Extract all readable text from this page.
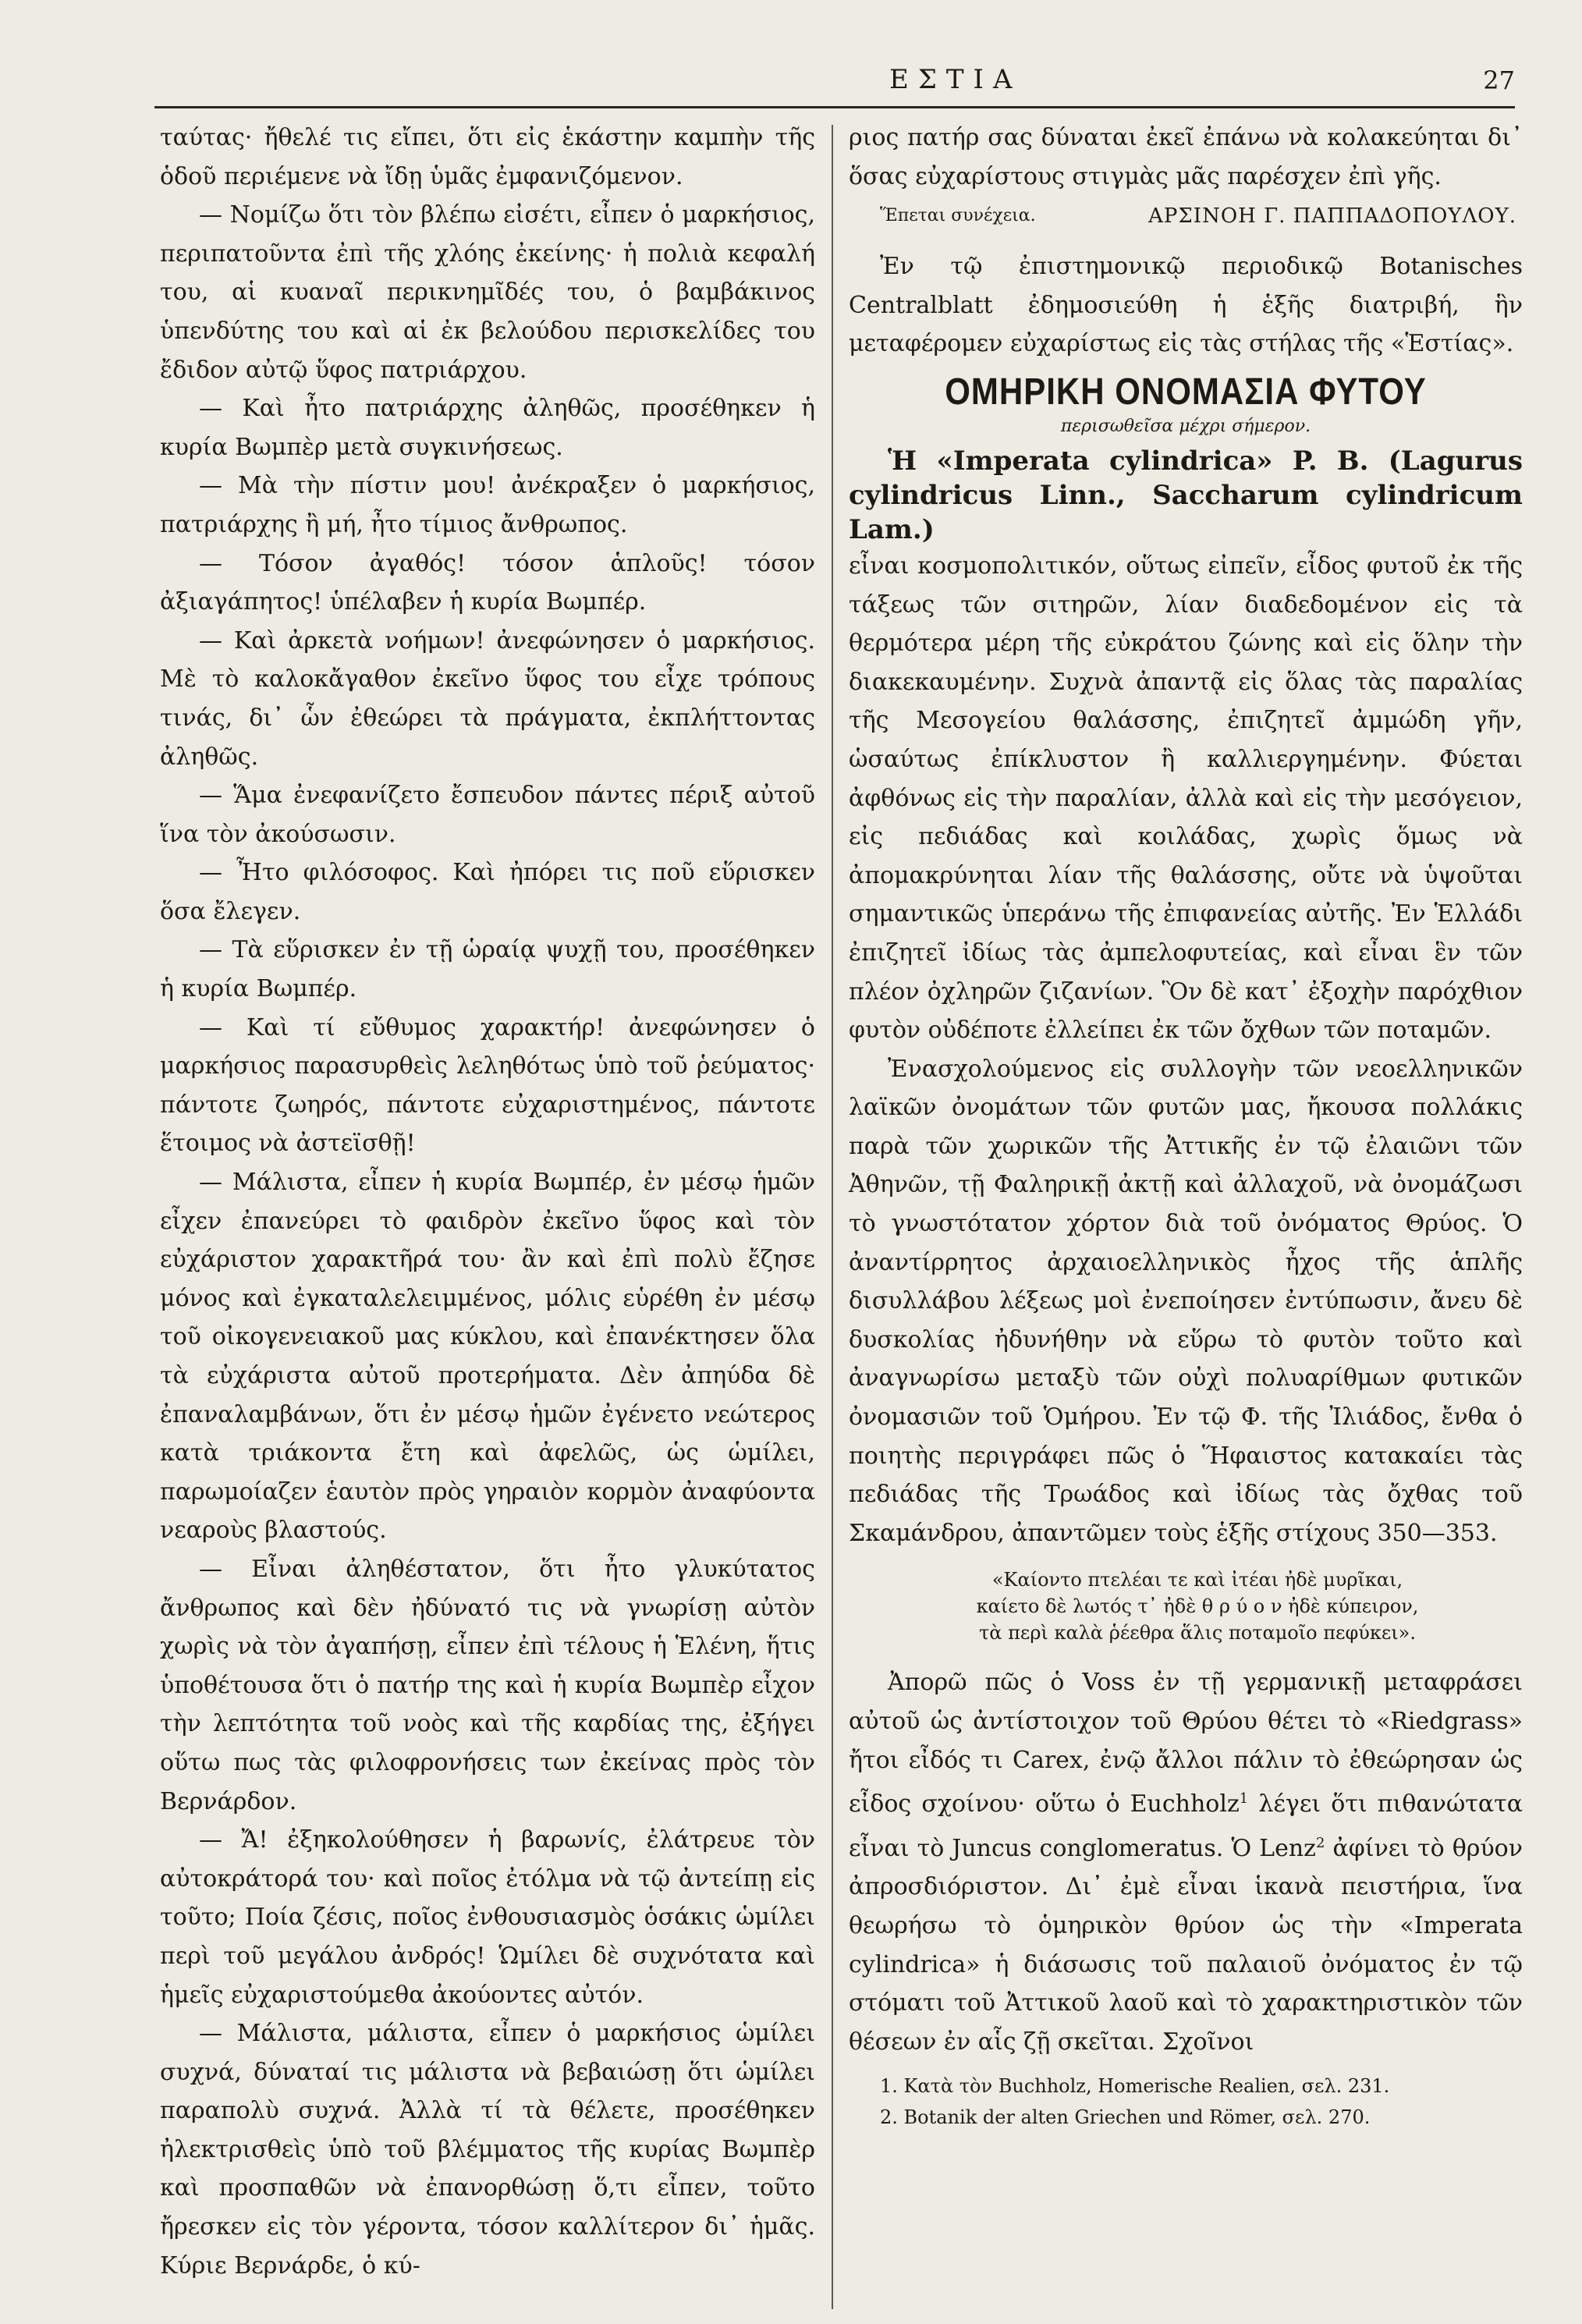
ΕΣΤΙΑ	27

ταύτας· ἤθελέ τις εἴπει, ὅτι εἰς ἑκάστην καμπὴν τῆς ὁδοῦ περιέμενε νὰ ἴδῃ ὑμᾶς ἐμφανιζόμενον.

— Νομίζω ὅτι τὸν βλέπω εἰσέτι, εἶπεν ὁ μαρκήσιος, περιπατοῦντα ἐπὶ τῆς χλόης ἐκείνης· ἡ πολιὰ κεφαλή του, αἱ κυαναῖ περικνημῖδές του, ὁ βαμβάκινος ὑπενδύτης του καὶ αἱ ἐκ βελούδου περισκελίδες του ἔδιδον αὐτῷ ὕφος πατριάρχου.

— Καὶ ἦτο πατριάρχης ἀληθῶς, προσέθηκεν ἡ κυρία Βωμπὲρ μετὰ συγκινήσεως.

— Μὰ τὴν πίστιν μου! ἀνέκραξεν ὁ μαρκήσιος, πατριάρχης ἢ μή, ἦτο τίμιος ἄνθρωπος.

— Τόσον ἀγαθός! τόσον ἁπλοῦς! τόσον ἀξιαγάπητος! ὑπέλαβεν ἡ κυρία Βωμπέρ.

— Καὶ ἀρκετὰ νοήμων! ἀνεφώνησεν ὁ μαρκήσιος. Μὲ τὸ καλοκἄγαθον ἐκεῖνο ὕφος του εἶχε τρόπους τινάς, δι᾽ ὧν ἐθεώρει τὰ πράγματα, ἐκπλήττοντας ἀληθῶς.

— Ἅμα ἐνεφανίζετο ἔσπευδον πάντες πέριξ αὐτοῦ ἵνα τὸν ἀκούσωσιν.

— Ἦτο φιλόσοφος. Καὶ ἠπόρει τις ποῦ εὕρισκεν ὅσα ἔλεγεν.

— Τὰ εὕρισκεν ἐν τῇ ὡραίᾳ ψυχῇ του, προσέθηκεν ἡ κυρία Βωμπέρ.

— Καὶ τί εὔθυμος χαρακτήρ! ἀνεφώνησεν ὁ μαρκήσιος παρασυρθεὶς λεληθότως ὑπὸ τοῦ ῥεύματος· πάντοτε ζωηρός, πάντοτε εὐχαριστημένος, πάντοτε ἕτοιμος νὰ ἀστεϊσθῇ!

— Μάλιστα, εἶπεν ἡ κυρία Βωμπέρ, ἐν μέσῳ ἡμῶν εἶχεν ἐπανεύρει τὸ φαιδρὸν ἐκεῖνο ὕφος καὶ τὸν εὐχάριστον χαρακτῆρά του· ἂν καὶ ἐπὶ πολὺ ἔζησε μόνος καὶ ἐγκαταλελειμμένος, μόλις εὑρέθη ἐν μέσῳ τοῦ οἰκογενειακοῦ μας κύκλου, καὶ ἐπανέκτησεν ὅλα τὰ εὐχάριστα αὐτοῦ προτερήματα. Δὲν ἀπηύδα δὲ ἐπαναλαμβάνων, ὅτι ἐν μέσῳ ἡμῶν ἐγένετο νεώτερος κατὰ τριάκοντα ἔτη καὶ ἀφελῶς, ὡς ὡμίλει, παρωμοίαζεν ἑαυτὸν πρὸς γηραιὸν κορμὸν ἀναφύοντα νεαροὺς βλαστούς.

— Εἶναι ἀληθέστατον, ὅτι ἦτο γλυκύτατος ἄνθρωπος καὶ δὲν ἠδύνατό τις νὰ γνωρίσῃ αὐτὸν χωρὶς νὰ τὸν ἀγαπήσῃ, εἶπεν ἐπὶ τέλους ἡ Ἑλένη, ἥτις ὑποθέτουσα ὅτι ὁ πατήρ της καὶ ἡ κυρία Βωμπὲρ εἶχον τὴν λεπτότητα τοῦ νοὸς καὶ τῆς καρδίας της, ἐξήγει οὕτω πως τὰς φιλοφρονήσεις των ἐκείνας πρὸς τὸν Βερνάρδον.

— Ἄ! ἐξηκολούθησεν ἡ βαρωνίς, ἐλάτρευε τὸν αὐτοκράτορά του· καὶ ποῖος ἐτόλμα νὰ τῷ ἀντείπῃ εἰς τοῦτο; Ποία ζέσις, ποῖος ἐνθουσιασμὸς ὁσάκις ὡμίλει περὶ τοῦ μεγάλου ἀνδρός! Ὡμίλει δὲ συχνότατα καὶ ἡμεῖς εὐχαριστούμεθα ἀκούοντες αὐτόν.

— Μάλιστα, μάλιστα, εἶπεν ὁ μαρκήσιος ὡμίλει συχνά, δύναταί τις μάλιστα νὰ βεβαιώσῃ ὅτι ὡμίλει παραπολὺ συχνά. Ἀλλὰ τί τὰ θέλετε, προσέθηκεν ἠλεκτρισθεὶς ὑπὸ τοῦ βλέμματος τῆς κυρίας Βωμπὲρ καὶ προσπαθῶν νὰ ἐπανορθώσῃ ὅ,τι εἶπεν, τοῦτο ἤρεσκεν εἰς τὸν γέροντα, τόσον καλλίτερον δι᾽ ἡμᾶς. Κύριε Βερνάρδε, ὁ κύ-

ριος πατήρ σας δύναται ἐκεῖ ἐπάνω νὰ κολακεύηται δι᾽ ὅσας εὐχαρίστους στιγμὰς μᾶς παρέσχεν ἐπὶ γῆς.

Ἕπεται συνέχεια.	ΑΡΣΙΝΟΗ Γ. ΠΑΠΠΑΔΟΠΟΥΛΟΥ.

Ἐν τῷ ἐπιστημονικῷ περιοδικῷ Botanisches Centralblatt ἐδημοσιεύθη ἡ ἑξῆς διατριβή, ἣν μεταφέρομεν εὐχαρίστως εἰς τὰς στήλας τῆς «Ἑστίας».

ΟΜΗΡΙΚΗ ΟΝΟΜΑΣΙΑ ΦΥΤΟΥ
περισωθεῖσα μέχρι σήμερον.

Ἡ «Imperata cylindrica» P. B. (Lagurus cylindricus Linn., Saccharum cylindricum Lam.)

εἶναι κοσμοπολιτικόν, οὕτως εἰπεῖν, εἶδος φυτοῦ ἐκ τῆς τάξεως τῶν σιτηρῶν, λίαν διαδεδομένον εἰς τὰ θερμότερα μέρη τῆς εὐκράτου ζώνης καὶ εἰς ὅλην τὴν διακεκαυμένην. Συχνὰ ἀπαντᾷ εἰς ὅλας τὰς παραλίας τῆς Μεσογείου θαλάσσης, ἐπιζητεῖ ἀμμώδη γῆν, ὡσαύτως ἐπίκλυστον ἢ καλλιεργημένην. Φύεται ἀφθόνως εἰς τὴν παραλίαν, ἀλλὰ καὶ εἰς τὴν μεσόγειον, εἰς πεδιάδας καὶ κοιλάδας, χωρὶς ὅμως νὰ ἀπομακρύνηται λίαν τῆς θαλάσσης, οὔτε νὰ ὑψοῦται σημαντικῶς ὑπεράνω τῆς ἐπιφανείας αὐτῆς. Ἐν Ἑλλάδι ἐπιζητεῖ ἰδίως τὰς ἀμπελοφυτείας, καὶ εἶναι ἓν τῶν πλέον ὀχληρῶν ζιζανίων. Ὃν δὲ κατ᾽ ἐξοχὴν παρόχθιον φυτὸν οὐδέποτε ἐλλείπει ἐκ τῶν ὄχθων τῶν ποταμῶν.

Ἐνασχολούμενος εἰς συλλογὴν τῶν νεοελληνικῶν λαϊκῶν ὀνομάτων τῶν φυτῶν μας, ἤκουσα πολλάκις παρὰ τῶν χωρικῶν τῆς Ἀττικῆς ἐν τῷ ἐλαιῶνι τῶν Ἀθηνῶν, τῇ Φαληρικῇ ἀκτῇ καὶ ἀλλαχοῦ, νὰ ὀνομάζωσι τὸ γνωστότατον χόρτον διὰ τοῦ ὀνόματος Θρύος. Ὁ ἀναντίρρητος ἀρχαιοελληνικὸς ἦχος τῆς ἁπλῆς δισυλλάβου λέξεως μοὶ ἐνεποίησεν ἐντύπωσιν, ἄνευ δὲ δυσκολίας ἠδυνήθην νὰ εὕρω τὸ φυτὸν τοῦτο καὶ ἀναγνωρίσω μεταξὺ τῶν οὐχὶ πολυαρίθμων φυτικῶν ὀνομασιῶν τοῦ Ὁμήρου. Ἐν τῷ Φ. τῆς Ἰλιάδος, ἔνθα ὁ ποιητὴς περιγράφει πῶς ὁ Ἥφαιστος κατακαίει τὰς πεδιάδας τῆς Τρωάδος καὶ ἰδίως τὰς ὄχθας τοῦ Σκαμάνδρου, ἀπαντῶμεν τοὺς ἑξῆς στίχους 350—353.

«Καίοντο πτελέαι τε καὶ ἰτέαι ἠδὲ μυρῖκαι,
καίετο δὲ λωτός τ᾽ ἠδὲ θ ρ ύ ο ν ἠδὲ κύπειρον,
τὰ περὶ καλὰ ῥέεθρα ἅλις ποταμοῖο πεφύκει».

Ἀπορῶ πῶς ὁ Voss ἐν τῇ γερμανικῇ μεταφράσει αὐτοῦ ὡς ἀντίστοιχον τοῦ Θρύου θέτει τὸ «Riedgrass» ἤτοι εἶδός τι Carex, ἐνῷ ἄλλοι πάλιν τὸ ἐθεώρησαν ὡς εἶδος σχοίνου· οὕτω ὁ Euchholz$^1$ λέγει ὅτι πιθανώτατα εἶναι τὸ Juncus conglomeratus. Ὁ Lenz$^2$ ἀφίνει τὸ θρύον ἀπροσδιόριστον. Δι᾽ ἐμὲ εἶναι ἱκανὰ πειστήρια, ἵνα θεωρήσω τὸ ὁμηρικὸν θρύον ὡς τὴν «Imperata cylindrica» ἡ διάσωσις τοῦ παλαιοῦ ὀνόματος ἐν τῷ στόματι τοῦ Ἀττικοῦ λαοῦ καὶ τὸ χαρακτηριστικὸν τῶν θέσεων ἐν αἷς ζῇ σκεῖται. Σχοῖνοι

1. Κατὰ τὸν Buchholz, Homerische Realien, σελ. 231.
2. Botanik der alten Griechen und Römer, σελ. 270.
